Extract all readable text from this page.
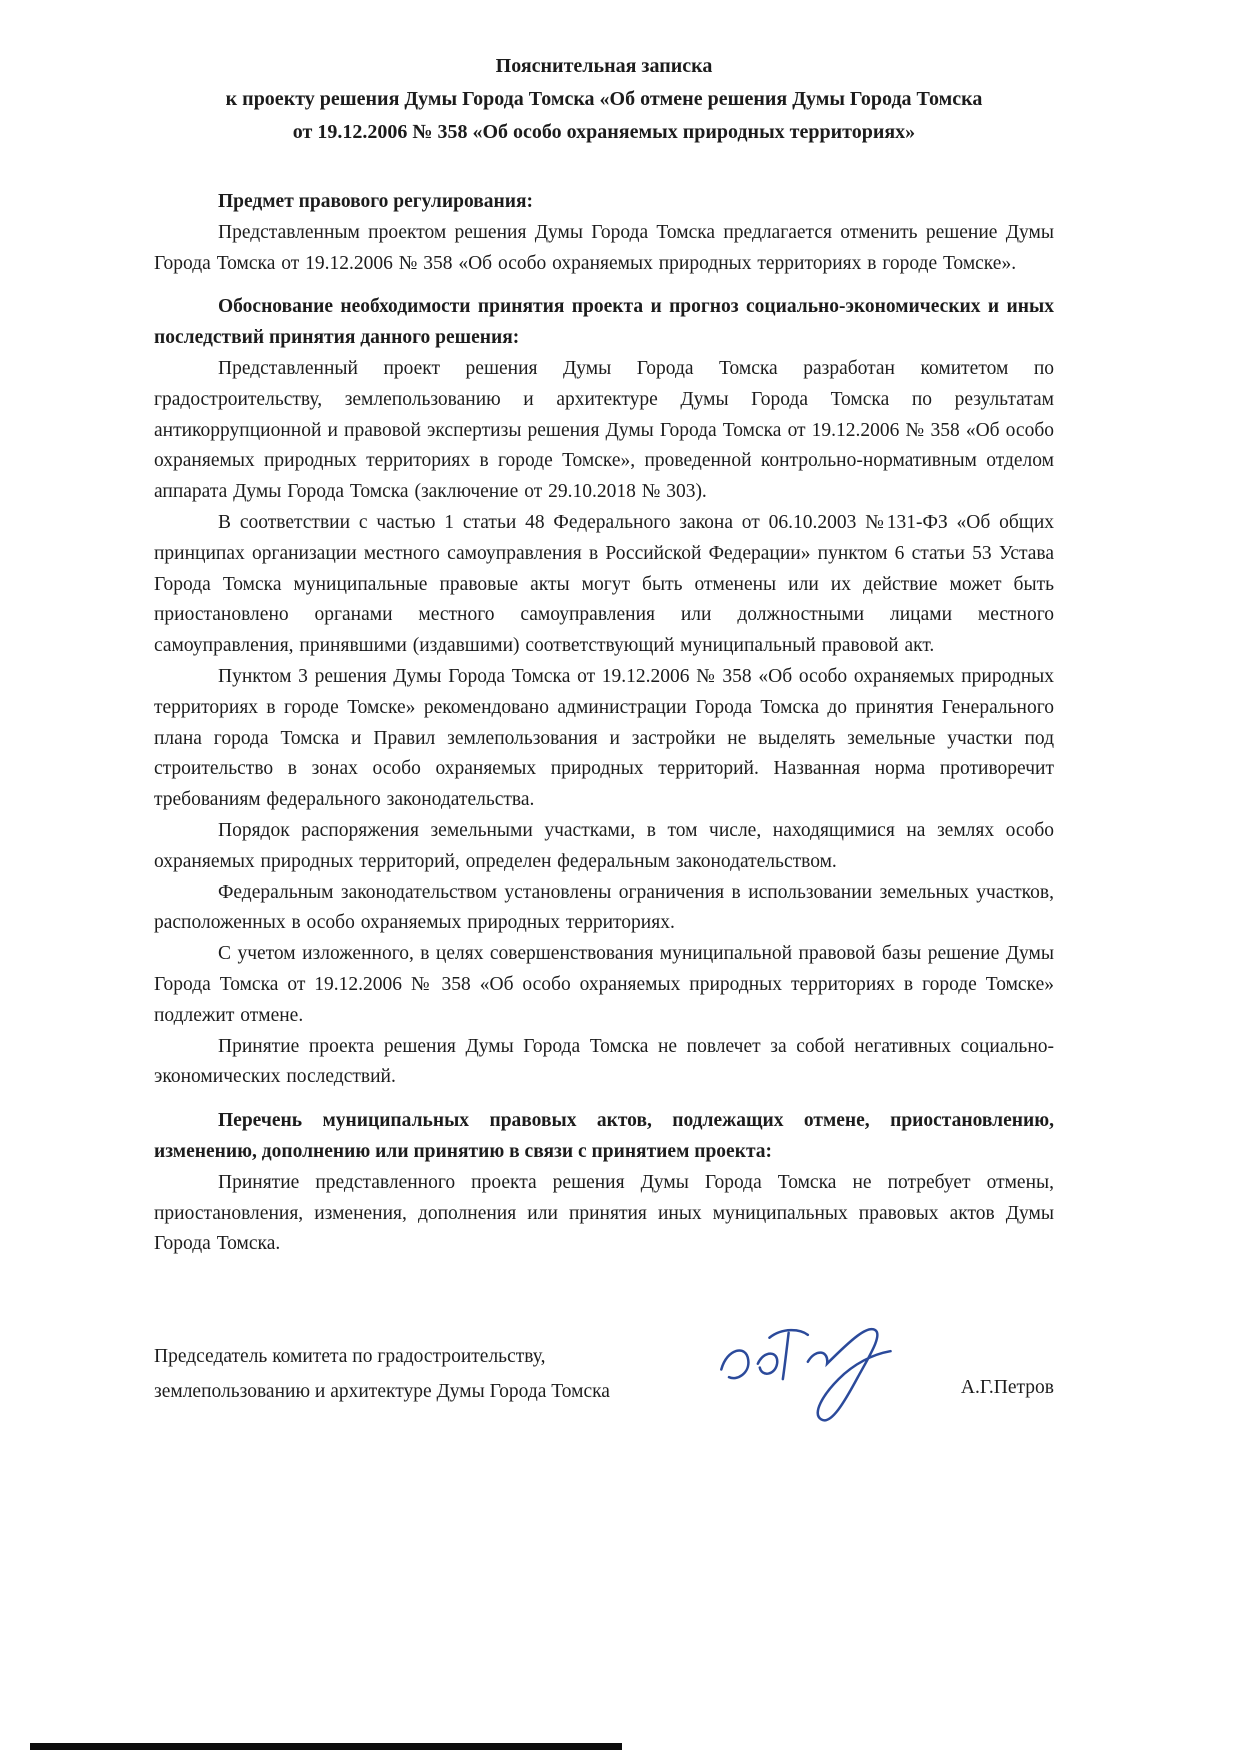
Пояснительная записка
к проекту решения Думы Города Томска «Об отмене решения Думы Города Томска
от 19.12.2006 № 358 «Об особо охраняемых природных территориях»

Предмет правового регулирования:

Представленным проектом решения Думы Города Томска предлагается отменить решение Думы Города Томска от 19.12.2006 № 358 «Об особо охраняемых природных территориях в городе Томске».

Обоснование необходимости принятия проекта и прогноз социально-экономических и иных последствий принятия данного решения:

Представленный проект решения Думы Города Томска разработан комитетом по градостроительству, землепользованию и архитектуре Думы Города Томска по результатам антикоррупционной и правовой экспертизы решения Думы Города Томска от 19.12.2006 № 358 «Об особо охраняемых природных территориях в городе Томске», проведенной контрольно-нормативным отделом аппарата Думы Города Томска (заключение от 29.10.2018 № 303).

В соответствии с частью 1 статьи 48 Федерального закона от 06.10.2003 №131-ФЗ «Об общих принципах организации местного самоуправления в Российской Федерации» пунктом 6 статьи 53 Устава Города Томска муниципальные правовые акты могут быть отменены или их действие может быть приостановлено органами местного самоуправления или должностными лицами местного самоуправления, принявшими (издавшими) соответствующий муниципальный правовой акт.

Пунктом 3 решения Думы Города Томска от 19.12.2006 № 358 «Об особо охраняемых природных территориях в городе Томске» рекомендовано администрации Города Томска до принятия Генерального плана города Томска и Правил землепользования и застройки не выделять земельные участки под строительство в зонах особо охраняемых природных территорий. Названная норма противоречит требованиям федерального законодательства.

Порядок распоряжения земельными участками, в том числе, находящимися на землях особо охраняемых природных территорий, определен федеральным законодательством.

Федеральным законодательством установлены ограничения в использовании земельных участков, расположенных в особо охраняемых природных территориях.

С учетом изложенного, в целях совершенствования муниципальной правовой базы решение Думы Города Томска от 19.12.2006 № 358 «Об особо охраняемых природных территориях в городе Томске» подлежит отмене.

Принятие проекта решения Думы Города Томска не повлечет за собой негативных социально-экономических последствий.

Перечень муниципальных правовых актов, подлежащих отмене, приостановлению, изменению, дополнению или принятию в связи с принятием проекта:

Принятие представленного проекта решения Думы Города Томска не потребует отмены, приостановления, изменения, дополнения или принятия иных муниципальных правовых актов Думы Города Томска.

Председатель комитета по градостроительству,
землепользованию и архитектуре Думы Города Томска	А.Г.Петров
